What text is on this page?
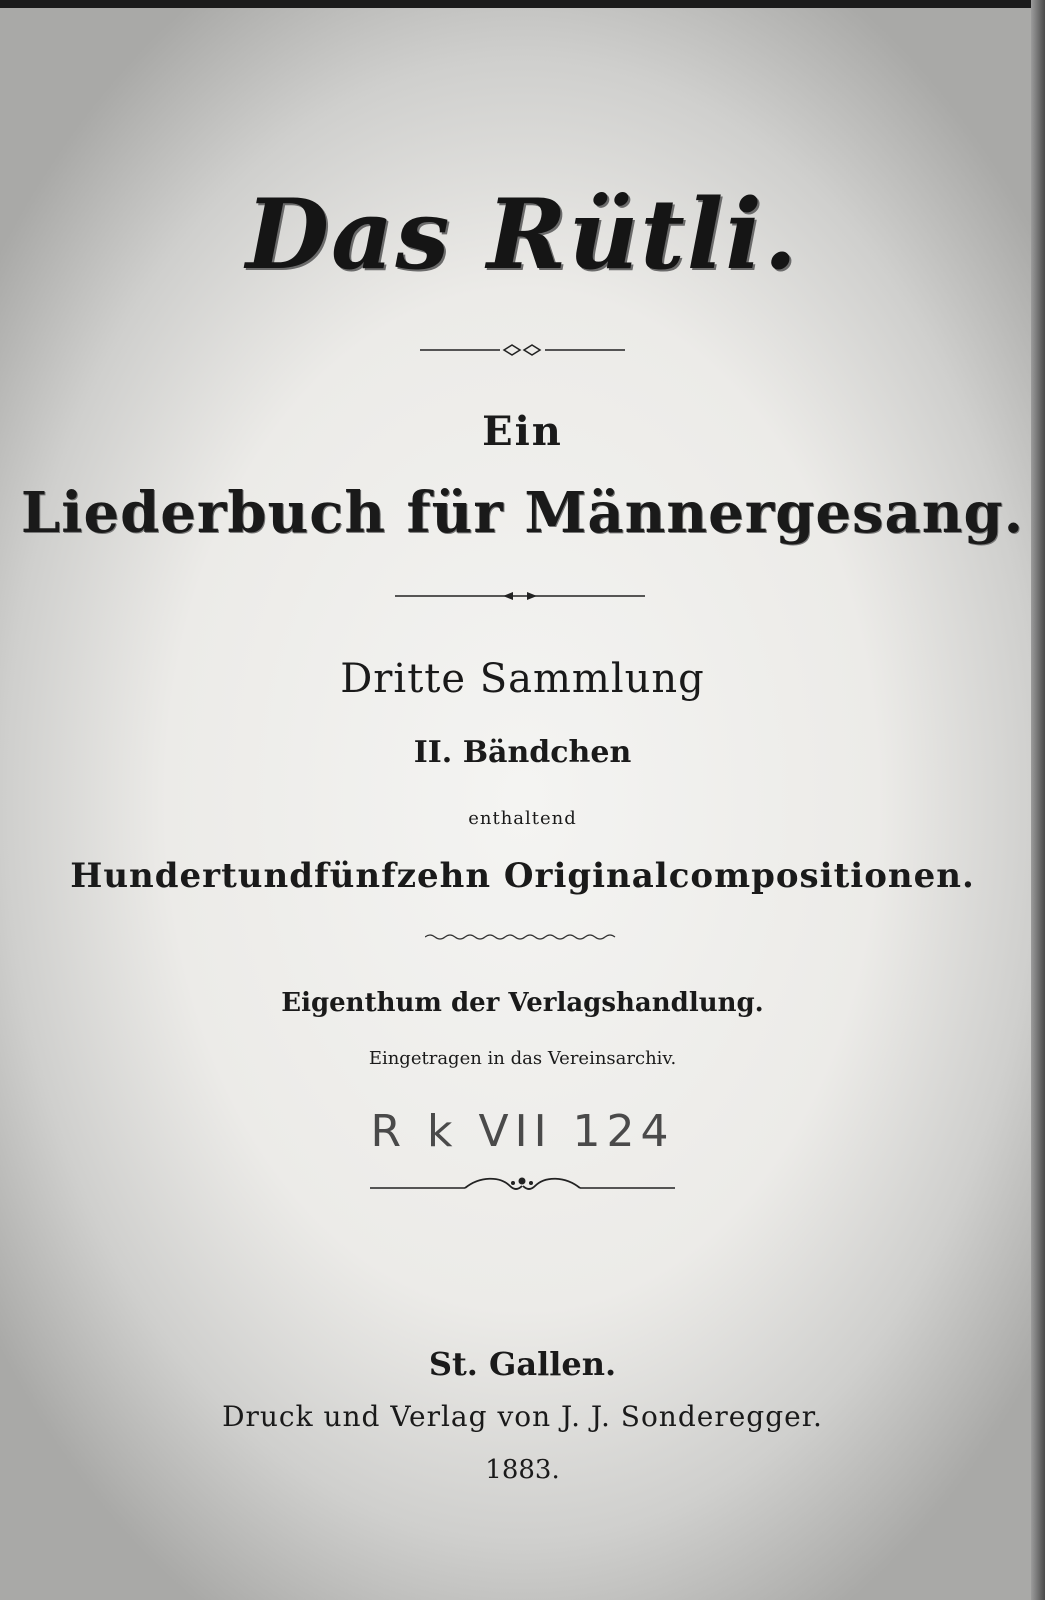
Das Rütli.
Ein
Liederbuch für Männergesang.
Dritte Sammlung
II. Bändchen
enthaltend
Hundertundfünfzehn Originalcompositionen.
Eigenthum der Verlagshandlung.
Eingetragen in das Vereinsarchiv.
R k VII 124
St. Gallen.
Druck und Verlag von J. J. Sonderegger.
1883.
